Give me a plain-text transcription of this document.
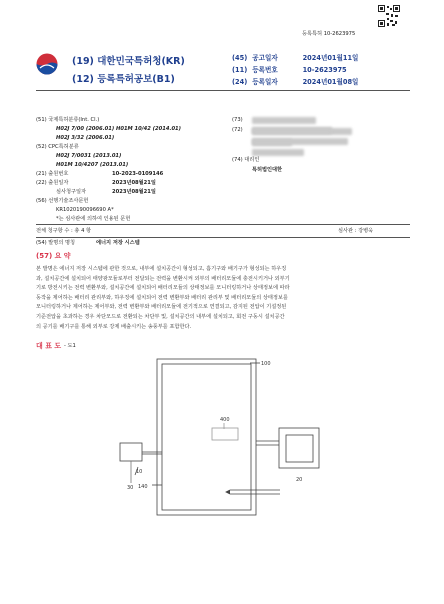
등록특허 10-2623975
(19) 대한민국특허청(KR)
(12) 등록특허공보(B1)
(45) 공고일자	2024년01월11일
(11) 등록번호	10-2623975
(24) 등록일자	2024년01월08일
(51) 국제특허분류(Int. Cl.)
H02J 7/00 (2006.01) H01M 10/42 (2014.01)
H02J 3/32 (2006.01)
(52) CPC특허분류
H02J 7/0031 (2013.01)
H01M 10/4207 (2013.01)
(21) 출원번호	10-2023-0109146
(22) 출원일자	2023년08월21일
심사청구일자	2023년08월21일
(56) 선행기술조사문헌
KR1020190096690 A*
*는 심사관에 의하여 인용된 문헌
(73)
(72)
(74) 대리인
특허법인대한
전체 청구항 수 : 총 4 항	심사관 : 강병욱
(54) 발명의 명칭	에너지 저장 시스템
(57) 요 약
본 발명은 에너지 저장 시스템에 관한 것으로, 내부에 설치공간이 형성되고, 흡기구와 배기구가 형성되는 하우징
과, 설치공간에 설치되어 태양광모듈로부터 전달되는 전력을 변환시켜 외부의 배터리모듈에 충전시키거나 외부기
기로 방전시키는 전력 변환부와, 설치공간에 설치되어 배터리모듈의 상태정보를 모니터링하거나 상태정보에 따라
동작을 제어하는 배터리 관리부와, 하우징에 설치되어 전력 변환부와 배터리 관리부 및 배터리모듈의 상태정보를
모니터링하거나 제어하는 제어부와, 전력 변환부와 배터리모듈에 전기적으로 연결되고, 감지된 전압이 기설정된
기준전압을 초과하는 경우 차단모드로 전환되는 차단부 및, 설치공간의 내부에 설치되고, 회전 구동시 설치공간
의 공기를 배기구를 통해 외부로 강제 배출시키는 송풍부를 포함한다.
대 표 도 - 도1
100
400
10
30 140
20
